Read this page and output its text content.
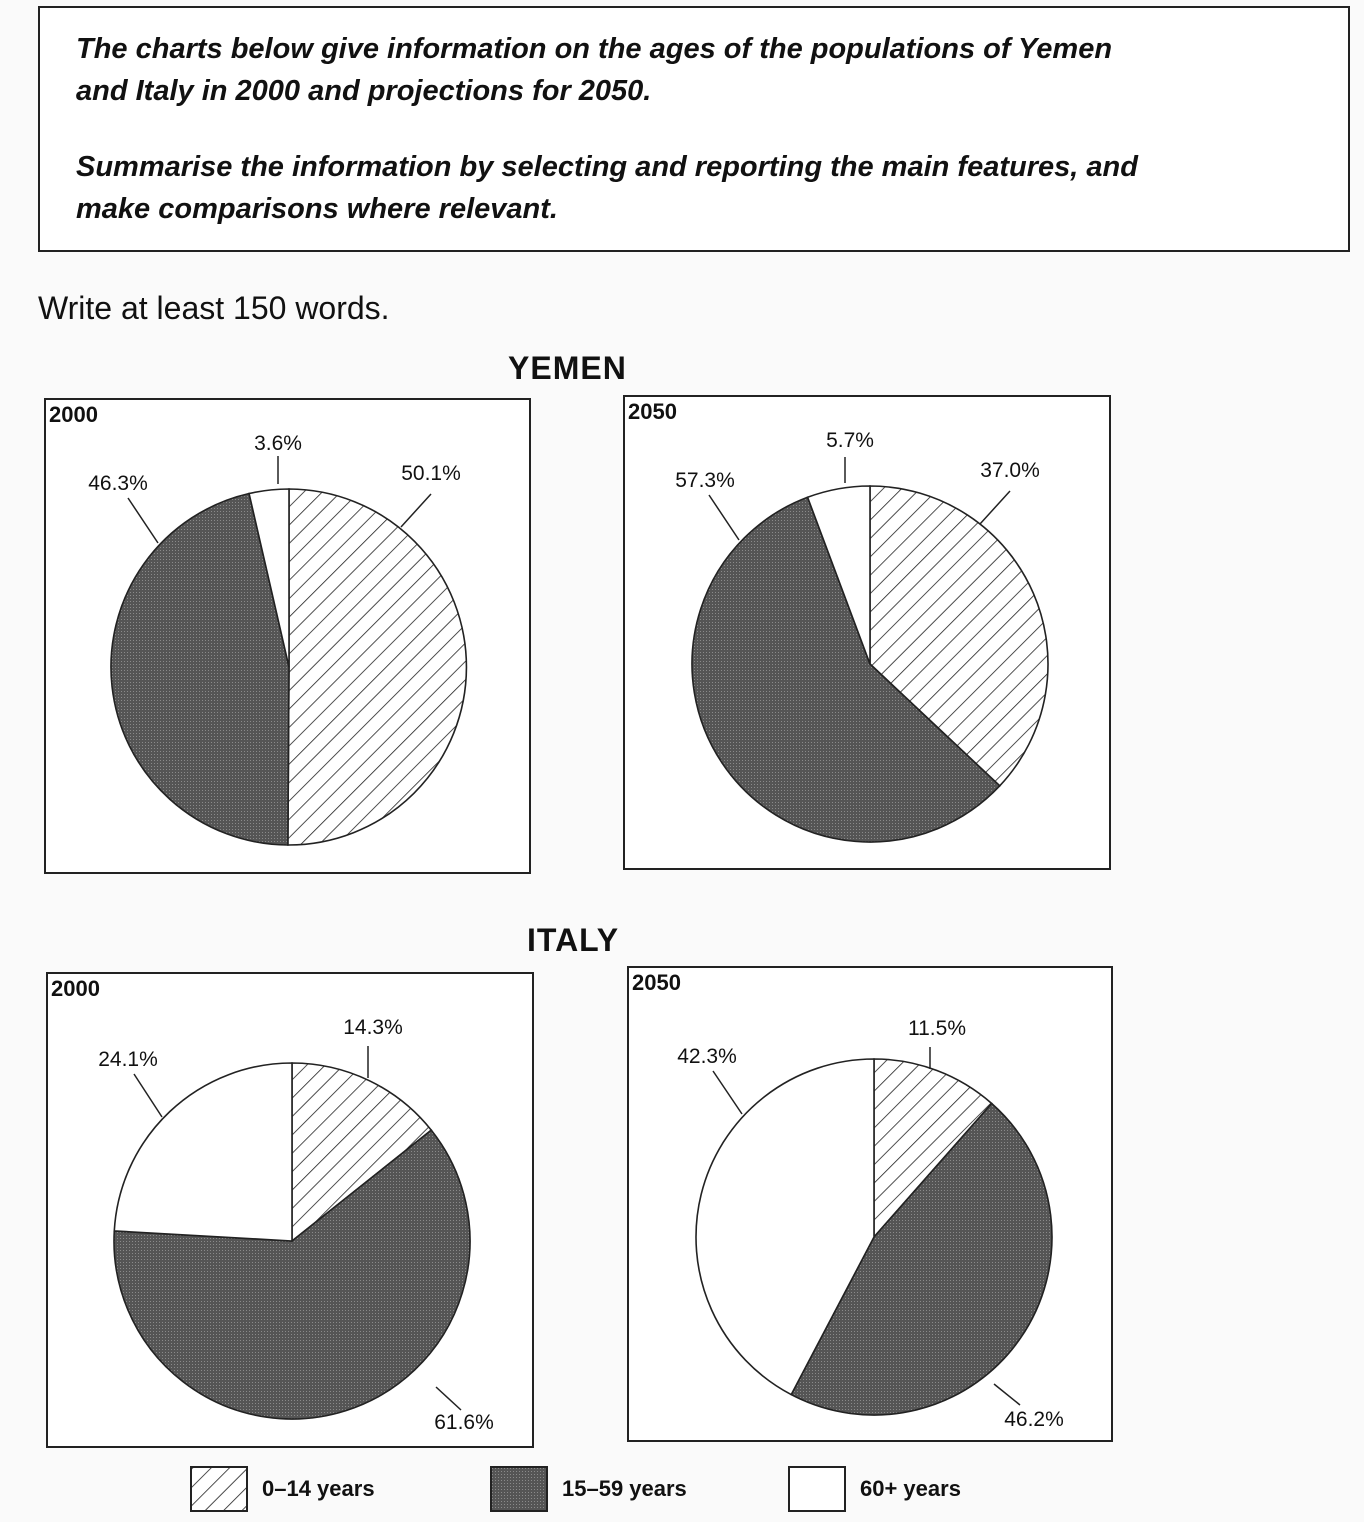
The charts below give information on the ages of the populations of Yemen

and Italy in 2000 and projections for 2050.

Summarise the information by selecting and reporting the main features, and

make comparisons where relevant.

Write at least 150 words.
YEMEN
ITALY
50.1%
46.3%
3.6%
2000
37.0%
57.3%
5.7%
2050
14.3%
61.6%
24.1%
2000
11.5%
46.2%
42.3%
2050
0–14 years	15–59 years	60+ years
